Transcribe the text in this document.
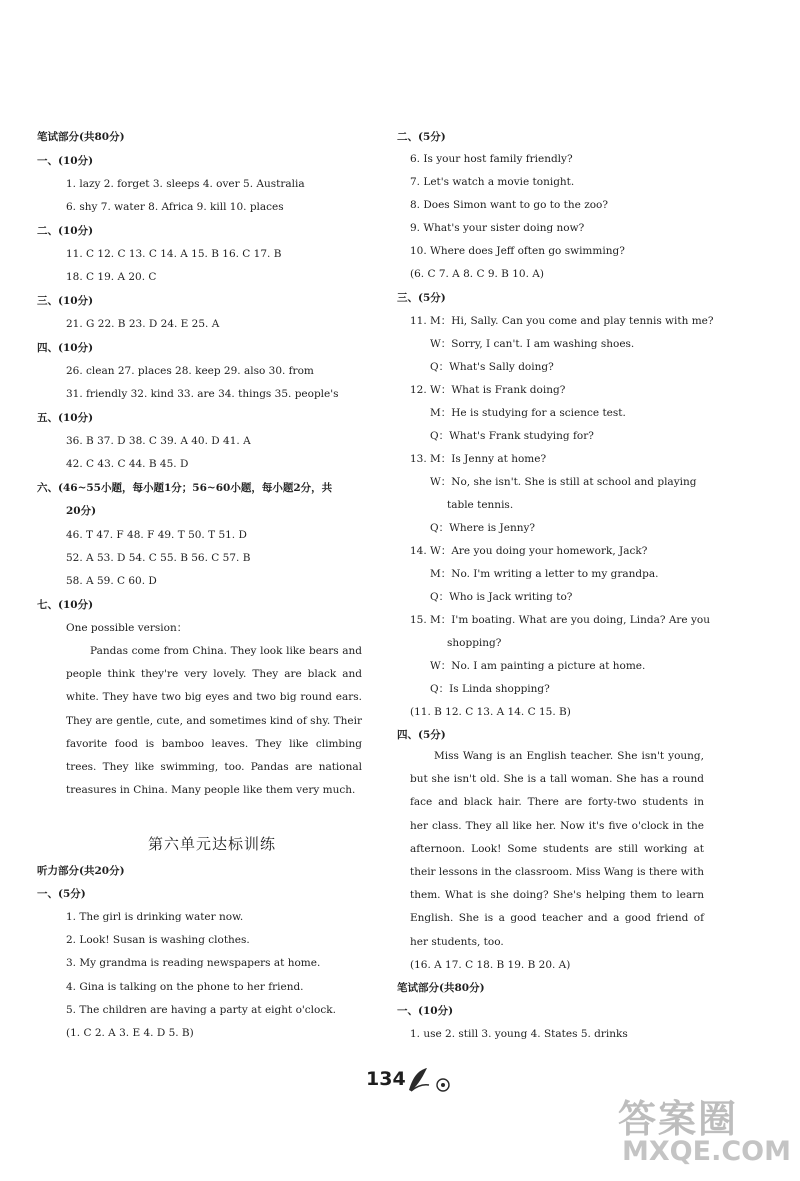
笔试部分(共80分)
一、(10分)
1. lazy 2. forget 3. sleeps 4. over 5. Australia
6. shy 7. water 8. Africa 9. kill 10. places
二、(10分)
11. C 12. C 13. C 14. A 15. B 16. C 17. B
18. C 19. A 20. C
三、(10分)
21. G 22. B 23. D 24. E 25. A
四、(10分)
26. clean 27. places 28. keep 29. also 30. from
31. friendly 32. kind 33. are 34. things 35. people's
五、(10分)
36. B 37. D 38. C 39. A 40. D 41. A
42. C 43. C 44. B 45. D
六、(46~55小题，每小题1分；56~60小题，每小题2分，共
20分)
46. T 47. F 48. F 49. T 50. T 51. D
52. A 53. D 54. C 55. B 56. C 57. B
58. A 59. C 60. D
七、(10分)
One possible version：
Pandas come from China. They look like bears and people think they're very lovely. They are black and white. They have two big eyes and two big round ears. They are gentle, cute, and sometimes kind of shy. Their favorite food is bamboo leaves. They like climbing trees. They like swimming, too. Pandas are national treasures in China. Many people like them very much.
第六单元达标训练
听力部分(共20分)
一、(5分)
1. The girl is drinking water now.
2. Look! Susan is washing clothes.
3. My grandma is reading newspapers at home.
4. Gina is talking on the phone to her friend.
5. The children are having a party at eight o'clock.
(1. C 2. A 3. E 4. D 5. B)
二、(5分)
6. Is your host family friendly?
7. Let's watch a movie tonight.
8. Does Simon want to go to the zoo?
9. What's your sister doing now?
10. Where does Jeff often go swimming?
(6. C 7. A 8. C 9. B 10. A)
三、(5分)
11. M：Hi, Sally. Can you come and play tennis with me?
W：Sorry, I can't. I am washing shoes.
Q：What's Sally doing?
12. W：What is Frank doing?
M：He is studying for a science test.
Q：What's Frank studying for?
13. M：Is Jenny at home?
W：No, she isn't. She is still at school and playing
table tennis.
Q：Where is Jenny?
14. W：Are you doing your homework, Jack?
M：No. I'm writing a letter to my grandpa.
Q：Who is Jack writing to?
15. M：I'm boating. What are you doing, Linda? Are you
shopping?
W：No. I am painting a picture at home.
Q：Is Linda shopping?
(11. B 12. C 13. A 14. C 15. B)
四、(5分)
Miss Wang is an English teacher. She isn't young, but she isn't old. She is a tall woman. She has a round face and black hair. There are forty-two students in her class. They all like her. Now it's five o'clock in the afternoon. Look! Some students are still working at their lessons in the classroom. Miss Wang is there with them. What is she doing? She's helping them to learn English. She is a good teacher and a good friend of her students, too.
(16. A 17. C 18. B 19. B 20. A)
笔试部分(共80分)
一、(10分)
1. use 2. still 3. young 4. States 5. drinks
134
答案圈
MXQE.COM
